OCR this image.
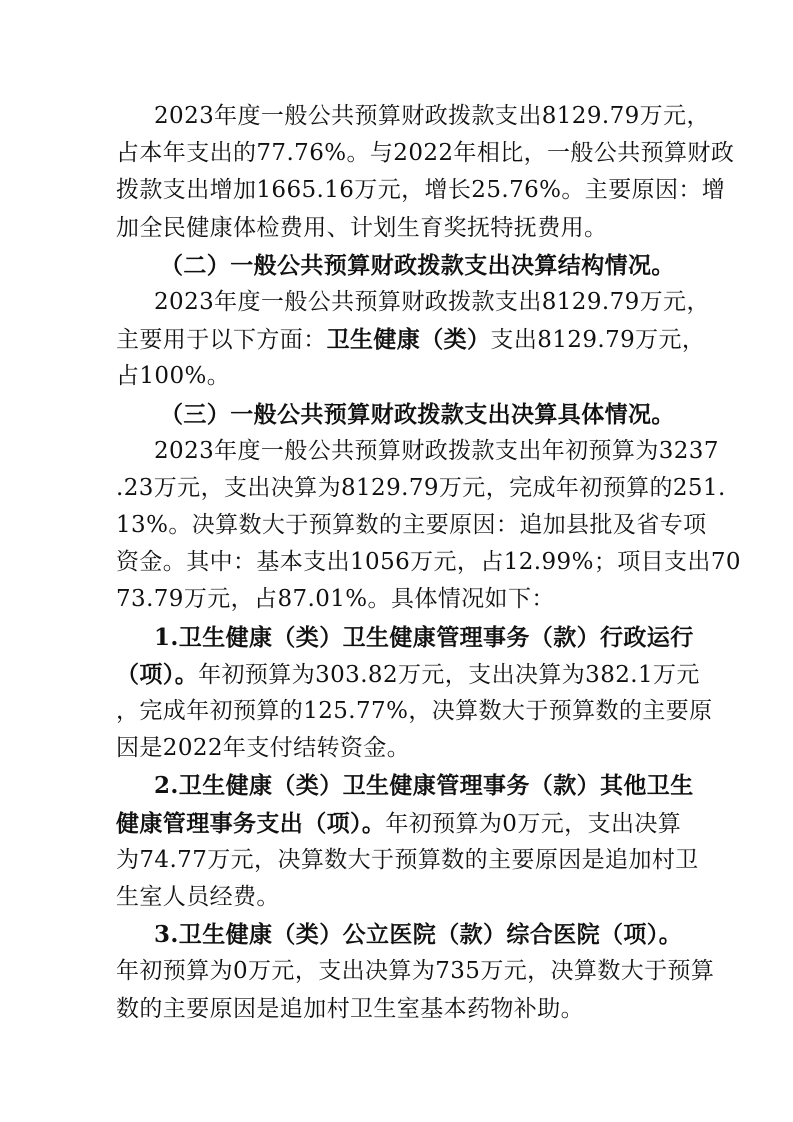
2023年度一般公共预算财政拨款支出8129.79万元，
占本年支出的77.76%。与2022年相比，一般公共预算财政
拨款支出增加1665.16万元，增长25.76%。主要原因：增
加全民健康体检费用、计划生育奖抚特抚费用。
（二）一般公共预算财政拨款支出决算结构情况。
2023年度一般公共预算财政拨款支出8129.79万元，
主要用于以下方面：卫生健康（类）支出8129.79万元，
占100%。
（三）一般公共预算财政拨款支出决算具体情况。
2023年度一般公共预算财政拨款支出年初预算为3237
.23万元，支出决算为8129.79万元，完成年初预算的251.
13%。决算数大于预算数的主要原因：追加县批及省专项
资金。其中：基本支出1056万元，占12.99%；项目支出70
73.79万元，占87.01%。具体情况如下：
1.卫生健康（类）卫生健康管理事务（款）行政运行
（项）。年初预算为303.82万元，支出决算为382.1万元
，完成年初预算的125.77%，决算数大于预算数的主要原
因是2022年支付结转资金。
2.卫生健康（类）卫生健康管理事务（款）其他卫生
健康管理事务支出（项）。年初预算为0万元，支出决算
为74.77万元，决算数大于预算数的主要原因是追加村卫
生室人员经费。
3.卫生健康（类）公立医院（款）综合医院（项）。
年初预算为0万元，支出决算为735万元，决算数大于预算
数的主要原因是追加村卫生室基本药物补助。
